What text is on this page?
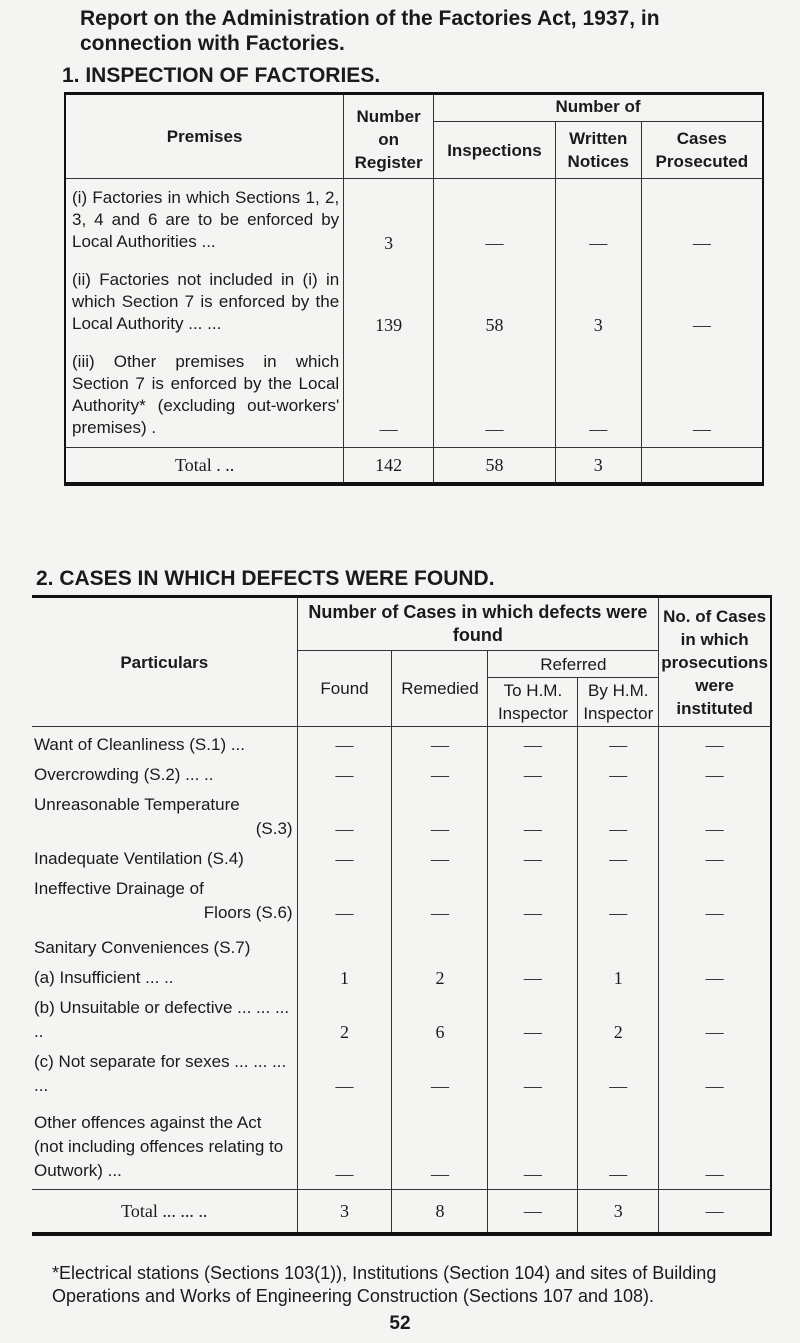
Report on the Administration of the Factories Act, 1937, in connection with Factories.
1. INSPECTION OF FACTORIES.
Premises	Number on Register	Number of		
		Inspections	Written Notices	Cases Prosecuted
(i) Factories in which Sections 1, 2, 3, 4 and 6 are to be enforced by Local Authorities ...	3	—	—	—
(ii) Factories not included in (i) in which Section 7 is enforced by the Local Authority ... ...	139	58	3	—
(iii) Other premises in which Section 7 is enforced by the Local Authority* (excluding out-workers' premises) .	—	—	—	—
Total . ..	142	58	3	
2. CASES IN WHICH DEFECTS WERE FOUND.
Particulars	Number of Cases in which defects were found				No. of Cases in which prosecutions were instituted
	Found	Remedied	Referred		
			To H.M. Inspector	By H.M. Inspector	
Want of Cleanliness (S.1) ...	—	—	—	—	—
Overcrowding (S.2) ... ..	—	—	—	—	—
Unreasonable Temperature
(S.3)	—	—	—	—	—
Inadequate Ventilation (S.4)	—	—	—	—	—
Ineffective Drainage of
Floors (S.6)	—	—	—	—	—
Sanitary Conveniences (S.7)					
(a) Insufficient ... ..	1	2	—	1	—
(b) Unsuitable or defective ... ... ... ..	2	6	—	2	—
(c) Not separate for sexes ... ... ... ...	—	—	—	—	—
Other offences against the Act (not including offences relating to Outwork) ...	—	—	—	—	—
Total ... ... ..	3	8	—	3	—
*Electrical stations (Sections 103(1)), Institutions (Section 104) and sites of Building Operations and Works of Engineering Construction (Sections 107 and 108).
52
